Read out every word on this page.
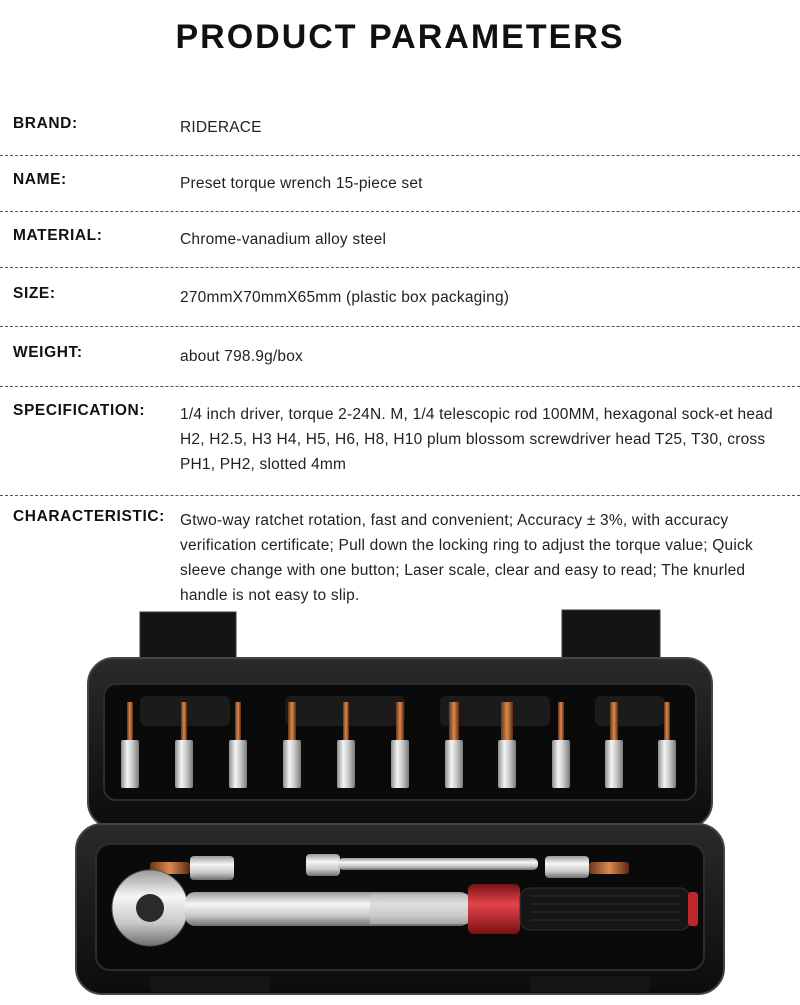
PRODUCT PARAMETERS
BRAND:	RIDERACE
NAME:	Preset torque wrench 15-piece set
MATERIAL:	Chrome-vanadium alloy steel
SIZE:	270mmX70mmX65mm (plastic box packaging)
WEIGHT:	about 798.9g/box
SPECIFICATION:	1/4 inch driver, torque 2-24N. M, 1/4 telescopic rod 100MM, hexagonal sock-et head H2, H2.5, H3 H4, H5, H6, H8, H10 plum blossom screwdriver head T25, T30, cross PH1, PH2, slotted 4mm
CHARACTERISTIC: Gtwo-way ratchet rotation, fast and convenient; Accuracy ± 3%, with accuracy verification certificate; Pull down the locking ring to adjust the torque value; Quick sleeve change with one button; Laser scale, clear and easy to read; The knurled handle is not easy to slip.
